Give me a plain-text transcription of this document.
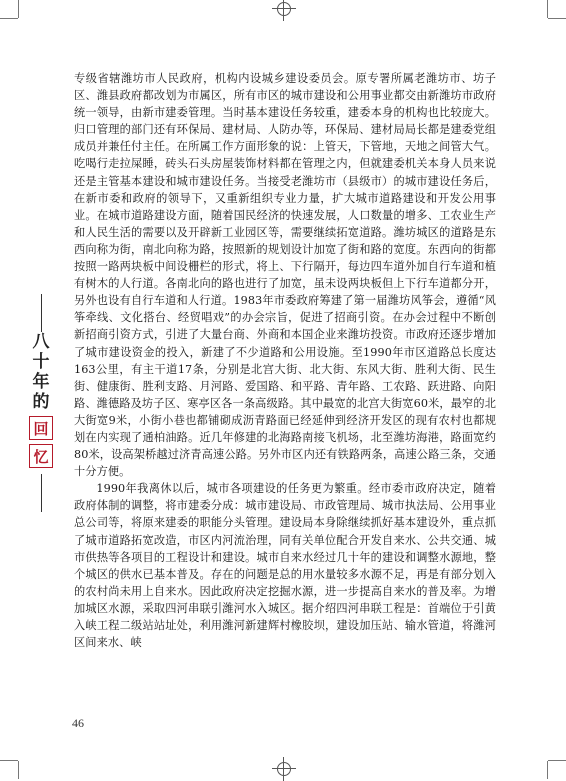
八
十
年
的
回
忆

专级省辖潍坊市人民政府，机构内设城乡建设委员会。原专署所属老潍坊市、坊子区、潍县政府都改划为市属区，所有市区的城市建设和公用事业都交由新潍坊市政府统一领导，由新市建委管理。当时基本建设任务较重，建委本身的机构也比较庞大。归口管理的部门还有环保局、建材局、人防办等，环保局、建材局局长都是建委党组成员并兼任付主任。在所属工作方面形象的说：上管天，下管地，天地之间管大气。吃喝行走拉屎睡，砖头石头房屋装饰材料都在管理之内，但就建委机关本身人员来说还是主管基本建设和城市建设任务。当接受老潍坊市（县级市）的城市建设任务后，在新市委和政府的领导下，又重新组织专业力量，扩大城市道路建设和开发公用事业。在城市道路建设方面，随着国民经济的快速发展，人口数量的增多、工农业生产和人民生活的需要以及开辟新工业园区等，需要继续拓宽道路。潍坊城区的道路是东西向称为街，南北向称为路，按照新的规划设计加宽了街和路的宽度。东西向的街都按照一路两块板中间设栅栏的形式，将上、下行隔开，每边四车道外加自行车道和植有树木的人行道。各南北向的路也进行了加宽，虽未设两块板但上下行车道都分开，另外也设有自行车道和人行道。1983年市委政府筹建了第一届潍坊风筝会，遵循“风筝牵线、文化搭台、经贸唱戏”的办会宗旨，促进了招商引资。在办会过程中不断创新招商引资方式，引进了大量台商、外商和本国企业来潍坊投资。市政府还逐步增加了城市建设资金的投入，新建了不少道路和公用设施。至1990年市区道路总长度达163公里，有主干道17条，分别是北宫大街、北大街、东风大街、胜利大街、民生街、健康街、胜利支路、月河路、爱国路、和平路、青年路、工农路、跃进路、向阳路、潍德路及坊子区、寒亭区各一条高级路。其中最宽的北宫大街宽60米，最窄的北大街宽9米，小街小巷也都铺砌成沥青路面已经延伸到经济开发区的现有农村也都规划在内实现了通柏油路。近几年修建的北海路南接飞机场，北至潍坊海港，路面宽约80米，设高架桥越过济青高速公路。另外市区内还有铁路两条，高速公路三条，交通十分方便。

1990年我离休以后，城市各项建设的任务更为繁重。经市委市政府决定，随着政府体制的调整，将市建委分成：城市建设局、市政管理局、城市执法局、公用事业总公司等，将原来建委的职能分头管理。建设局本身除继续抓好基本建设外，重点抓了城市道路拓宽改造，市区内河流治理，同有关单位配合开发自来水、公共交通、城市供热等各项目的工程设计和建设。城市自来水经过几十年的建设和调整水源地，整个城区的供水已基本普及。存在的问题是总的用水量较多水源不足，再是有部分划入的农村尚未用上自来水。因此政府决定挖掘水源，进一步提高自来水的普及率。为增加城区水源，采取四河串联引潍河水入城区。据介绍四河串联工程是：首端位于引黄入峡工程二级站站址处，利用潍河新建辉村橡胶坝，建设加压站、输水管道，将潍河区间来水、峡

46
